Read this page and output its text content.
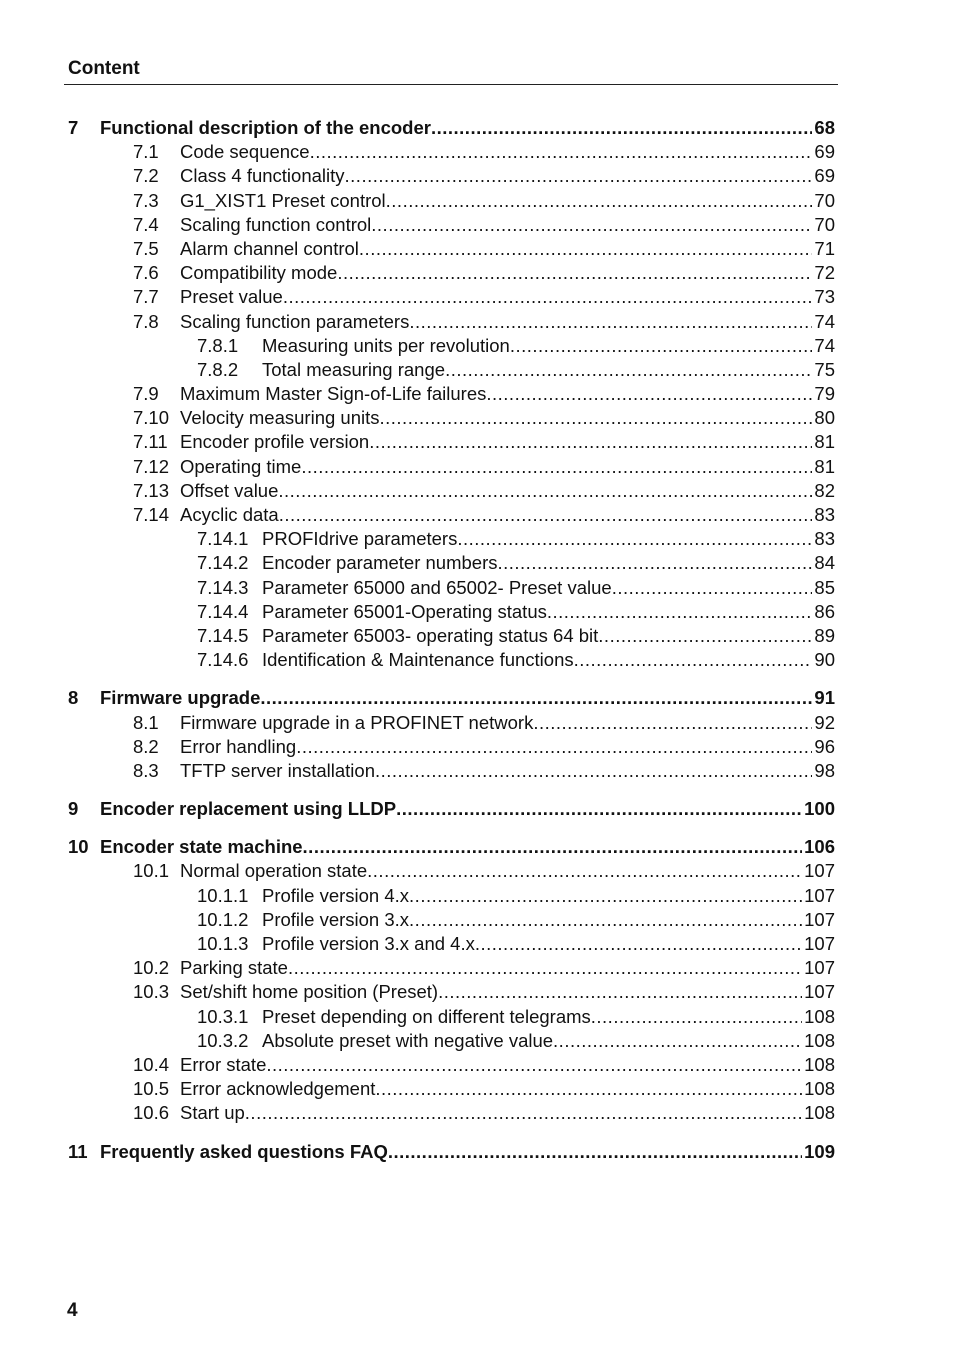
Content
7 Functional description of the encoder .....	68
7.1 Code sequence .....	69
7.2 Class 4 functionality .....	69
7.3 G1_XIST1 Preset control .....	70
7.4 Scaling function control .....	70
7.5 Alarm channel control .....	71
7.6 Compatibility mode .....	72
7.7 Preset value .....	73
7.8 Scaling function parameters .....	74
7.8.1 Measuring units per revolution .....	74
7.8.2 Total measuring range .....	75
7.9 Maximum Master Sign-of-Life failures .....	79
7.10 Velocity measuring units .....	80
7.11 Encoder profile version .....	81
7.12 Operating time .....	81
7.13 Offset value .....	82
7.14 Acyclic data .....	83
7.14.1 PROFIdrive parameters .....	83
7.14.2 Encoder parameter numbers .....	84
7.14.3 Parameter 65000 and 65002- Preset value .....	85
7.14.4 Parameter 65001-Operating status .....	86
7.14.5 Parameter 65003- operating status 64 bit .....	89
7.14.6 Identification & Maintenance functions .....	90
8 Firmware upgrade .....	91
8.1 Firmware upgrade in a PROFINET network .....	92
8.2 Error handling .....	96
8.3 TFTP server installation .....	98
9 Encoder replacement using LLDP .....	100
10 Encoder state machine .....	106
10.1 Normal operation state .....	107
10.1.1 Profile version 4.x .....	107
10.1.2 Profile version 3.x .....	107
10.1.3 Profile version 3.x and 4.x .....	107
10.2 Parking state .....	107
10.3 Set/shift home position (Preset) .....	107
10.3.1 Preset depending on different telegrams .....	108
10.3.2 Absolute preset with negative value .....	108
10.4 Error state .....	108
10.5 Error acknowledgement .....	108
10.6 Start up .....	108
11 Frequently asked questions FAQ .....	109
4
